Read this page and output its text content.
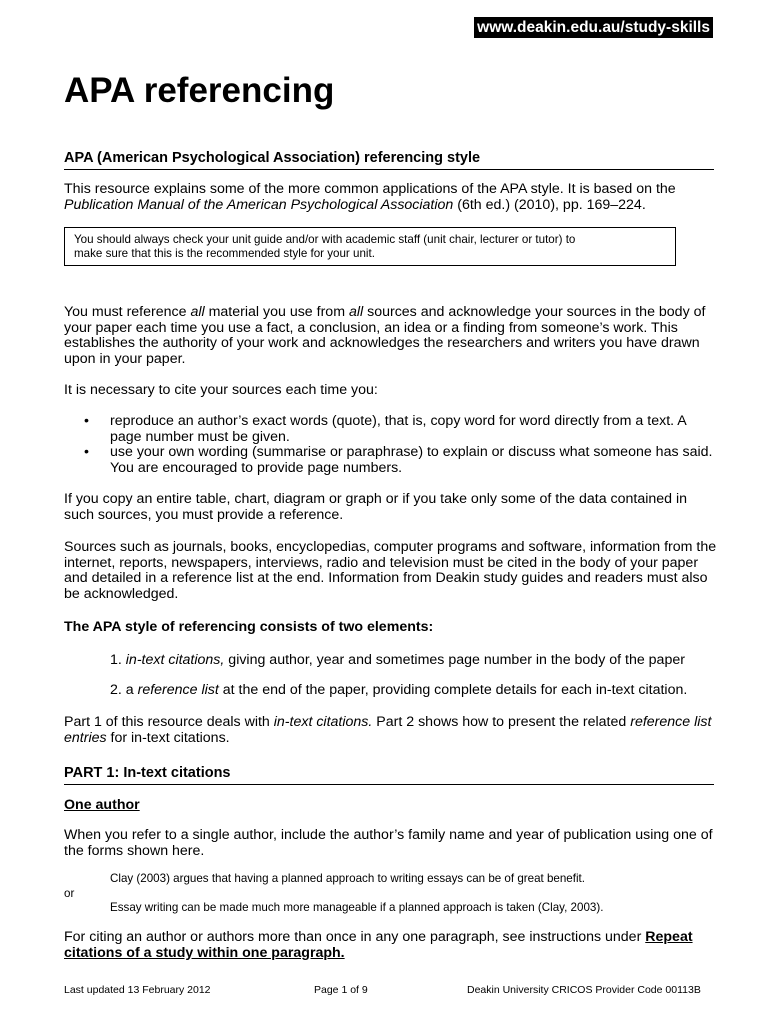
www.deakin.edu.au/study-skills
APA referencing
APA (American Psychological Association) referencing style

This resource explains some of the more common applications of the APA style. It is based on the
Publication Manual of the American Psychological Association (6th ed.) (2010), pp. 169–224.

You should always check your unit guide and/or with academic staff (unit chair, lecturer or tutor) to
make sure that this is the recommended style for your unit.

You must reference all material you use from all sources and acknowledge your sources in the body of your paper each time you use a fact, a conclusion, an idea or a finding from someone’s work. This establishes the authority of your work and acknowledges the researchers and writers you have drawn upon in your paper.

It is necessary to cite your sources each time you:

•	reproduce an author’s exact words (quote), that is, copy word for word directly from a text. A page number must be given.
•	use your own wording (summarise or paraphrase) to explain or discuss what someone has said. You are encouraged to provide page numbers.

If you copy an entire table, chart, diagram or graph or if you take only some of the data contained in such sources, you must provide a reference.

Sources such as journals, books, encyclopedias, computer programs and software, information from the internet, reports, newspapers, interviews, radio and television must be cited in the body of your paper and detailed in a reference list at the end. Information from Deakin study guides and readers must also be acknowledged.

The APA style of referencing consists of two elements:

1. in-text citations, giving author, year and sometimes page number in the body of the paper
2. a reference list at the end of the paper, providing complete details for each in-text citation.

Part 1 of this resource deals with in-text citations. Part 2 shows how to present the related reference list entries for in-text citations.

PART 1: In-text citations
One author

When you refer to a single author, include the author’s family name and year of publication using one of the forms shown here.

Clay (2003) argues that having a planned approach to writing essays can be of great benefit.
or
Essay writing can be made much more manageable if a planned approach is taken (Clay, 2003).

For citing an author or authors more than once in any one paragraph, see instructions under Repeat citations of a study within one paragraph.

Last updated 13 February 2012	Page 1 of 9	Deakin University CRICOS Provider Code 00113B
